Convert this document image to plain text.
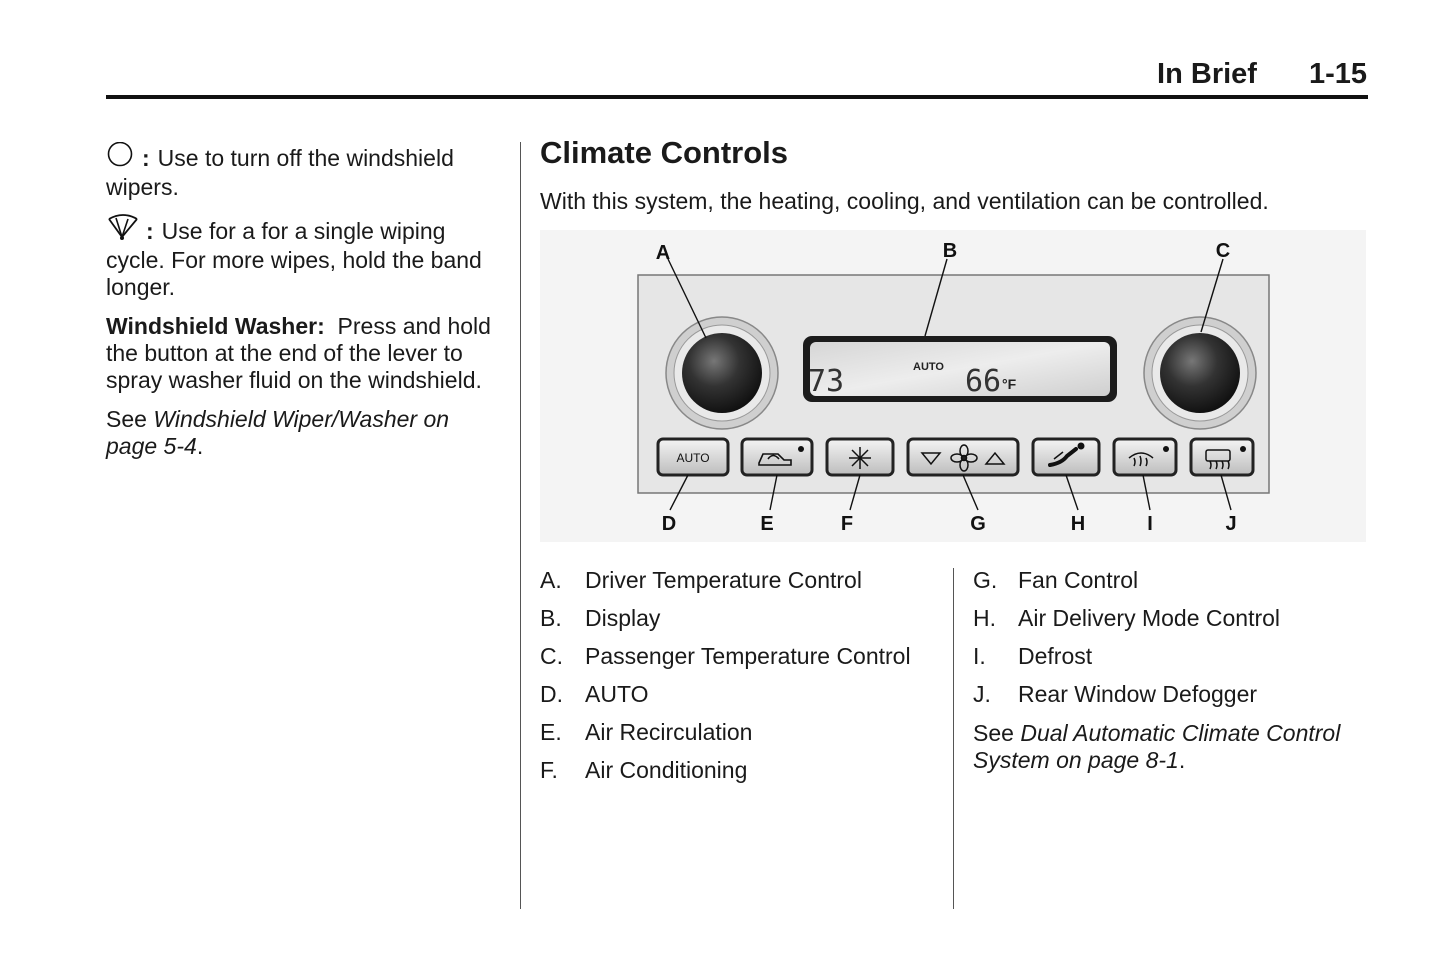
In Brief 1-15

: Use to turn off the windshield wipers.

: Use for a for a single wiping cycle. For more wipes, hold the band longer.

Windshield Washer: Press and hold the button at the end of the lever to spray washer fluid on the windshield.

See Windshield Wiper/Washer on page 5-4.

Climate Controls
With this system, the heating, cooling, and ventilation can be controlled.
73	AUTO 66 °F
AUTO
A	B	C
D	E	F	G	H	I	J
A.	Driver Temperature Control
B.	Display
C. Passenger Temperature Control
D. AUTO
E.	Air Recirculation
F.	Air Conditioning
G. Fan Control
H. Air Delivery Mode Control
I.	Defrost
J.	Rear Window Defogger
See Dual Automatic Climate Control System on page 8-1.
